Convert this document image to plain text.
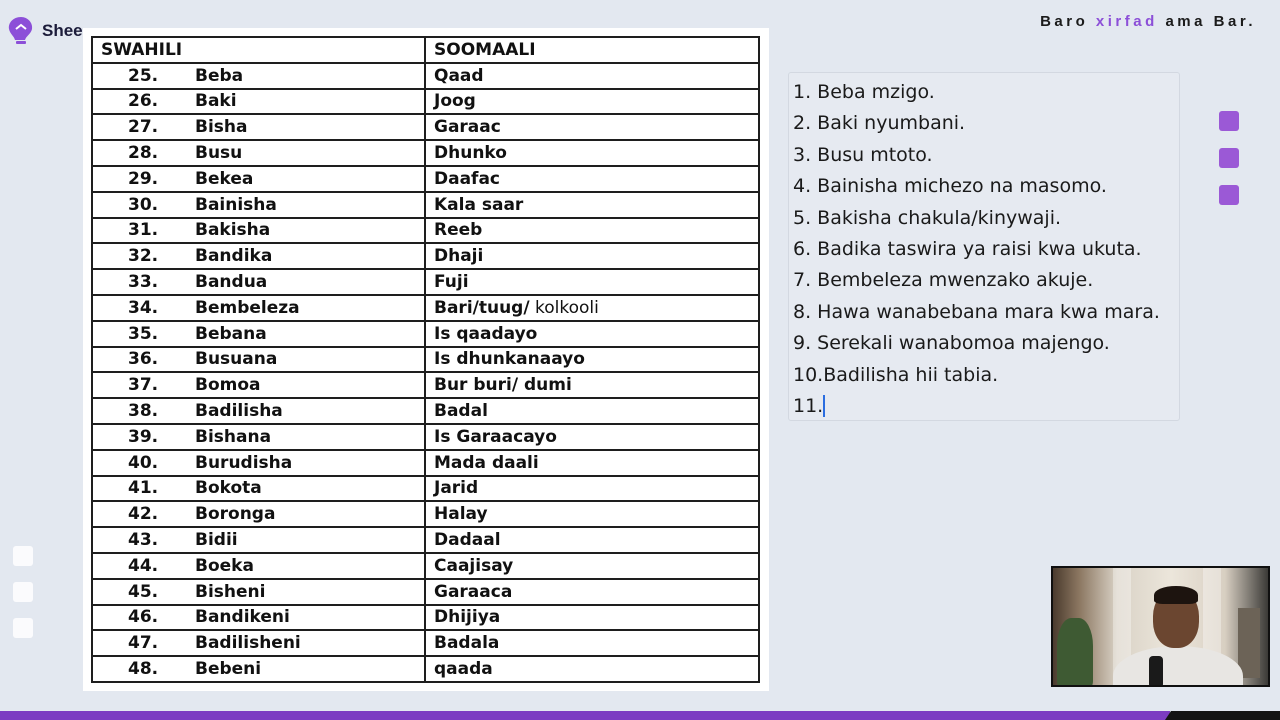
Shee	Baro xirfad ama Bar.
SWAHILI	SOOMAALI
25. Beba	Qaad
26. Baki	Joog
27. Bisha	Garaac
28. Busu	Dhunko
29. Bekea	Daafac
30. Bainisha	Kala saar
31. Bakisha	Reeb
32. Bandika	Dhaji
33. Bandua	Fuji
34. Bembeleza	Bari/tuug/ kolkooli
35. Bebana	Is qaadayo
36. Busuana	Is dhunkanaayo
37. Bomoa	Bur buri/ dumi
38. Badilisha	Badal
39. Bishana	Is Garaacayo
40. Burudisha	Mada daali
41. Bokota	Jarid
42. Boronga	Halay
43. Bidii	Dadaal
44. Boeka	Caajisay
45. Bisheni	Garaaca
46. Bandikeni	Dhijiya
47. Badilisheni	Badala
48. Bebeni	qaada
1. Beba mzigo.
2. Baki nyumbani.
3. Busu mtoto.
4. Bainisha michezo na masomo.
5. Bakisha chakula/kinywaji.
6. Badika taswira ya raisi kwa ukuta.
7. Bembeleza mwenzako akuje.
8. Hawa wanabebana mara kwa mara.
9. Serekali wanabomoa majengo.
10.Badilisha hii tabia.
11.
